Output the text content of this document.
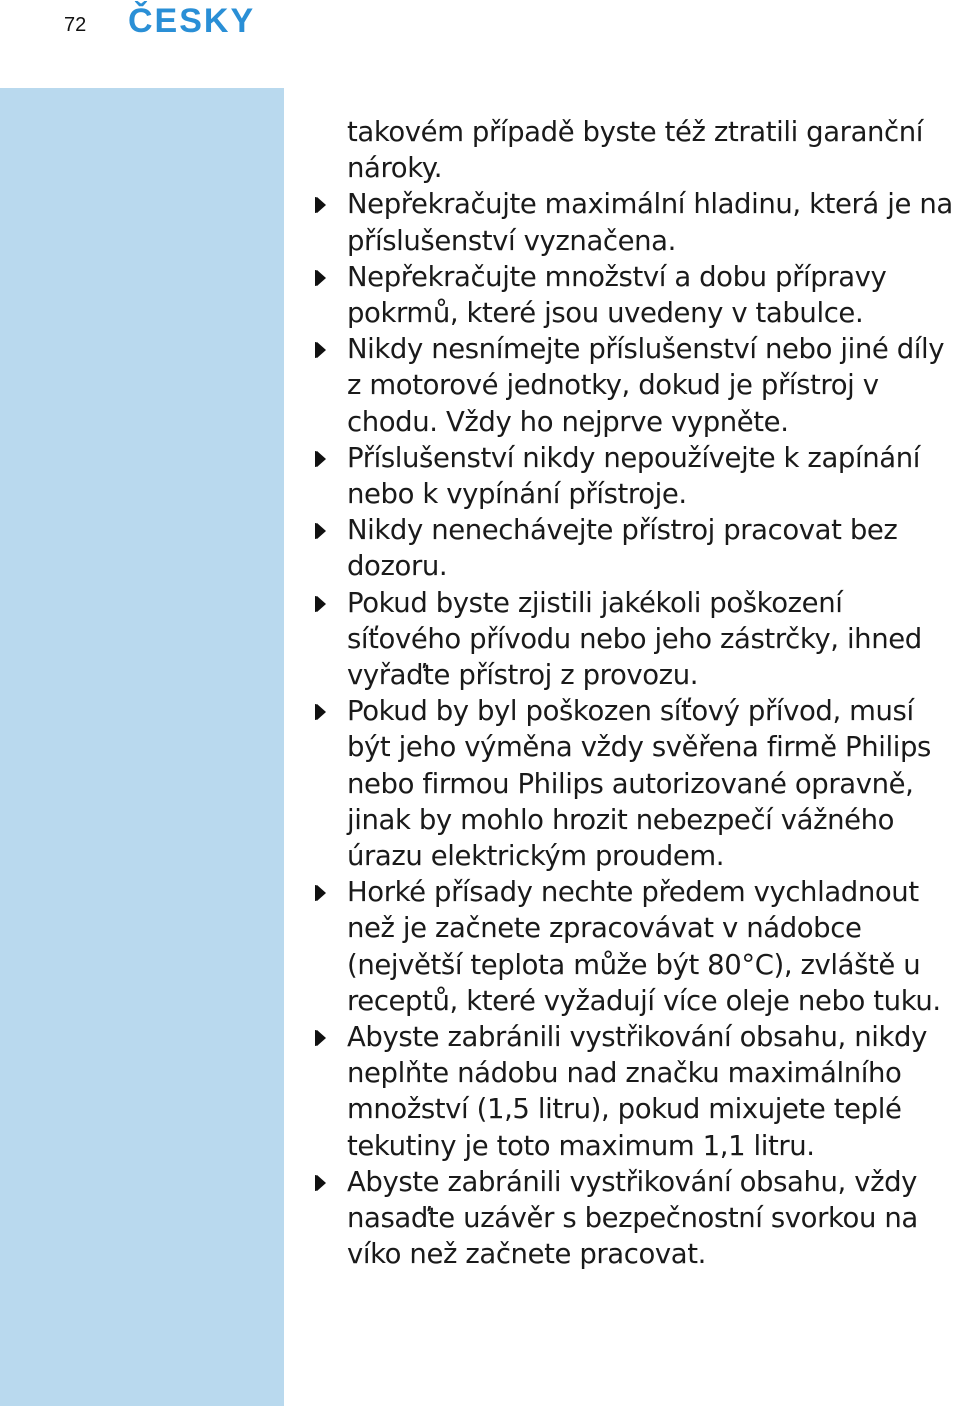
72 ČESKY

takovém případě byste též ztratili garanční nároky.

Nepřekračujte maximální hladinu, která je na příslušenství vyznačena.

Nepřekračujte množství a dobu přípravy pokrmů, které jsou uvedeny v tabulce.

Nikdy nesnímejte příslušenství nebo jiné díly z motorové jednotky, dokud je přístroj v chodu. Vždy ho nejprve vypněte.

Příslušenství nikdy nepoužívejte k zapínání nebo k vypínání přístroje.

Nikdy nenechávejte přístroj pracovat bez dozoru.

Pokud byste zjistili jakékoli poškození síťového přívodu nebo jeho zástrčky, ihned vyřaďte přístroj z provozu.

Pokud by byl poškozen síťový přívod, musí být jeho výměna vždy svěřena firmě Philips nebo firmou Philips autorizované opravně, jinak by mohlo hrozit nebezpečí vážného úrazu elektrickým proudem.

Horké přísady nechte předem vychladnout než je začnete zpracovávat v nádobce (největší teplota může být 80°C), zvláště u receptů, které vyžadují více oleje nebo tuku.

Abyste zabránili vystřikování obsahu, nikdy neplňte nádobu nad značku maximálního množství (1,5 litru), pokud mixujete teplé tekutiny je toto maximum 1,1 litru.

Abyste zabránili vystřikování obsahu, vždy nasaďte uzávěr s bezpečnostní svorkou na víko než začnete pracovat.
